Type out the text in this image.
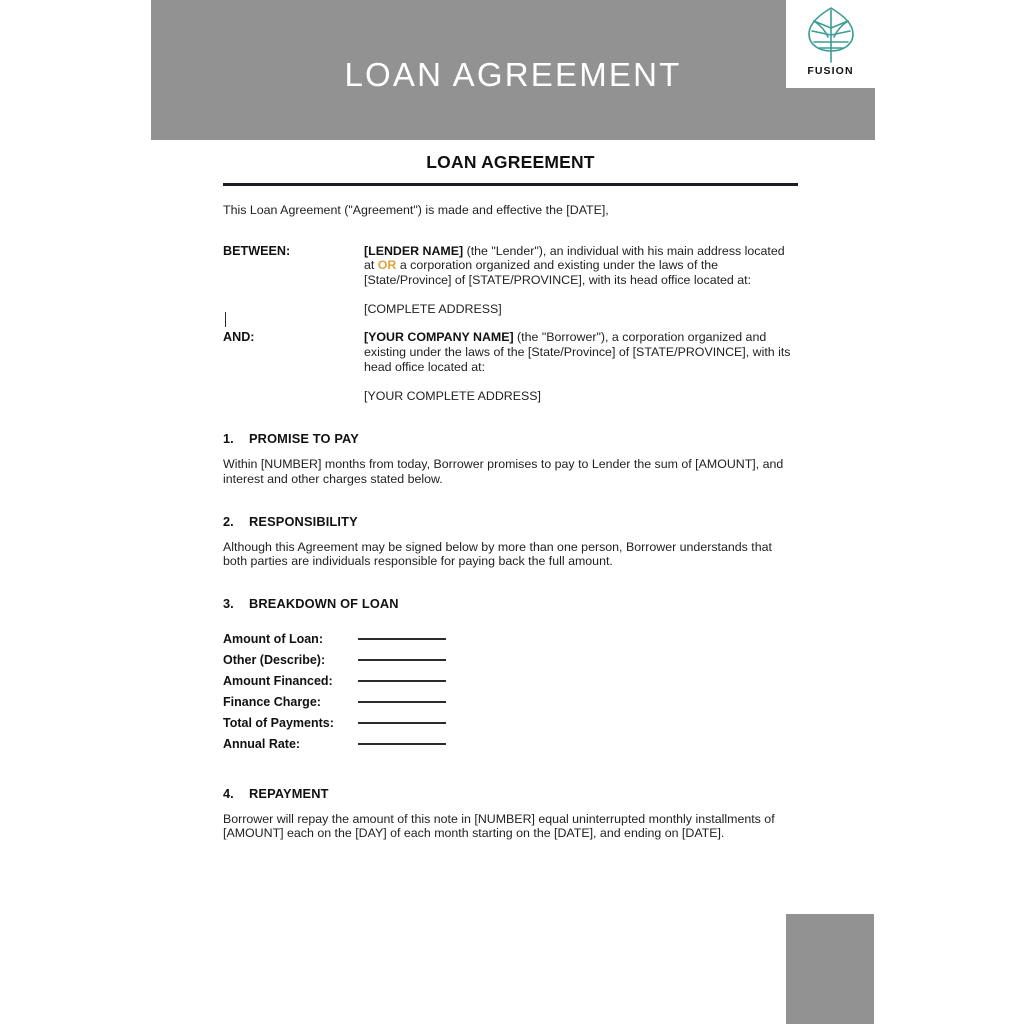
LOAN AGREEMENT	FUSION
LOAN AGREEMENT

This Loan Agreement ("Agreement") is made and effective the [DATE],

BETWEEN:	[LENDER NAME] (the "Lender"), an individual with his main address located at OR a corporation organized and existing under the laws of the [State/Province] of [STATE/PROVINCE], with its head office located at:
[COMPLETE ADDRESS]
AND:	[YOUR COMPANY NAME] (the "Borrower"), a corporation organized and existing under the laws of the [State/Province] of [STATE/PROVINCE], with its head office located at:
[YOUR COMPLETE ADDRESS]
1.	PROMISE TO PAY

Within [NUMBER] months from today, Borrower promises to pay to Lender the sum of [AMOUNT], and interest and other charges stated below.

2.	RESPONSIBILITY

Although this Agreement may be signed below by more than one person, Borrower understands that both parties are individuals responsible for paying back the full amount.

3.	BREAKDOWN OF LOAN
Amount of Loan:
Other (Describe):
Amount Financed:
Finance Charge:
Total of Payments:
Annual Rate:
4.	REPAYMENT

Borrower will repay the amount of this note in [NUMBER] equal uninterrupted monthly installments of [AMOUNT] each on the [DAY] of each month starting on the [DATE], and ending on [DATE].
